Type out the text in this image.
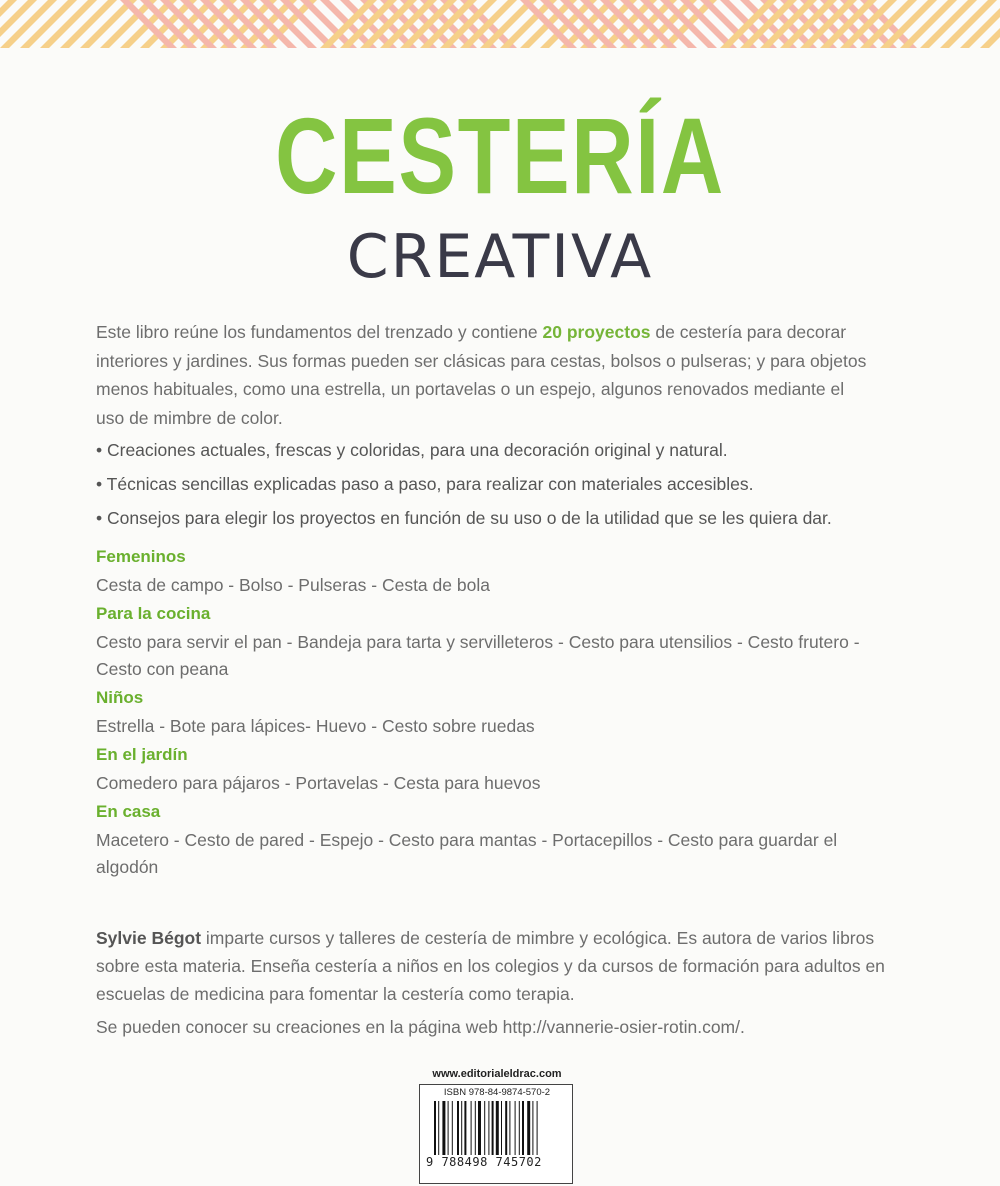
CESTERÍA
CREATIVA
Este libro reúne los fundamentos del trenzado y contiene 20 proyectos de cestería para decorar interiores y jardines. Sus formas pueden ser clásicas para cestas, bolsos o pulseras; y para objetos menos habituales, como una estrella, un portavelas o un espejo, algunos renovados mediante el uso de mimbre de color.
• Creaciones actuales, frescas y coloridas, para una decoración original y natural.
• Técnicas sencillas explicadas paso a paso, para realizar con materiales accesibles.
• Consejos para elegir los proyectos en función de su uso o de la utilidad que se les quiera dar.
Femeninos
Cesta de campo - Bolso - Pulseras - Cesta de bola
Para la cocina
Cesto para servir el pan - Bandeja para tarta y servilleteros - Cesto para utensilios - Cesto frutero - Cesto con peana
Niños
Estrella - Bote para lápices- Huevo - Cesto sobre ruedas
En el jardín
Comedero para pájaros - Portavelas - Cesta para huevos
En casa
Macetero - Cesto de pared - Espejo - Cesto para mantas - Portacepillos - Cesto para guardar el algodón
Sylvie Bégot imparte cursos y talleres de cestería de mimbre y ecológica. Es autora de varios libros sobre esta materia. Enseña cestería a niños en los colegios y da cursos de formación para adultos en escuelas de medicina para fomentar la cestería como terapia.
Se pueden conocer su creaciones en la página web http://vannerie-osier-rotin.com/.
www.editorialeldrac.com
ISBN 978-84-9874-570-2
9 788498 745702
